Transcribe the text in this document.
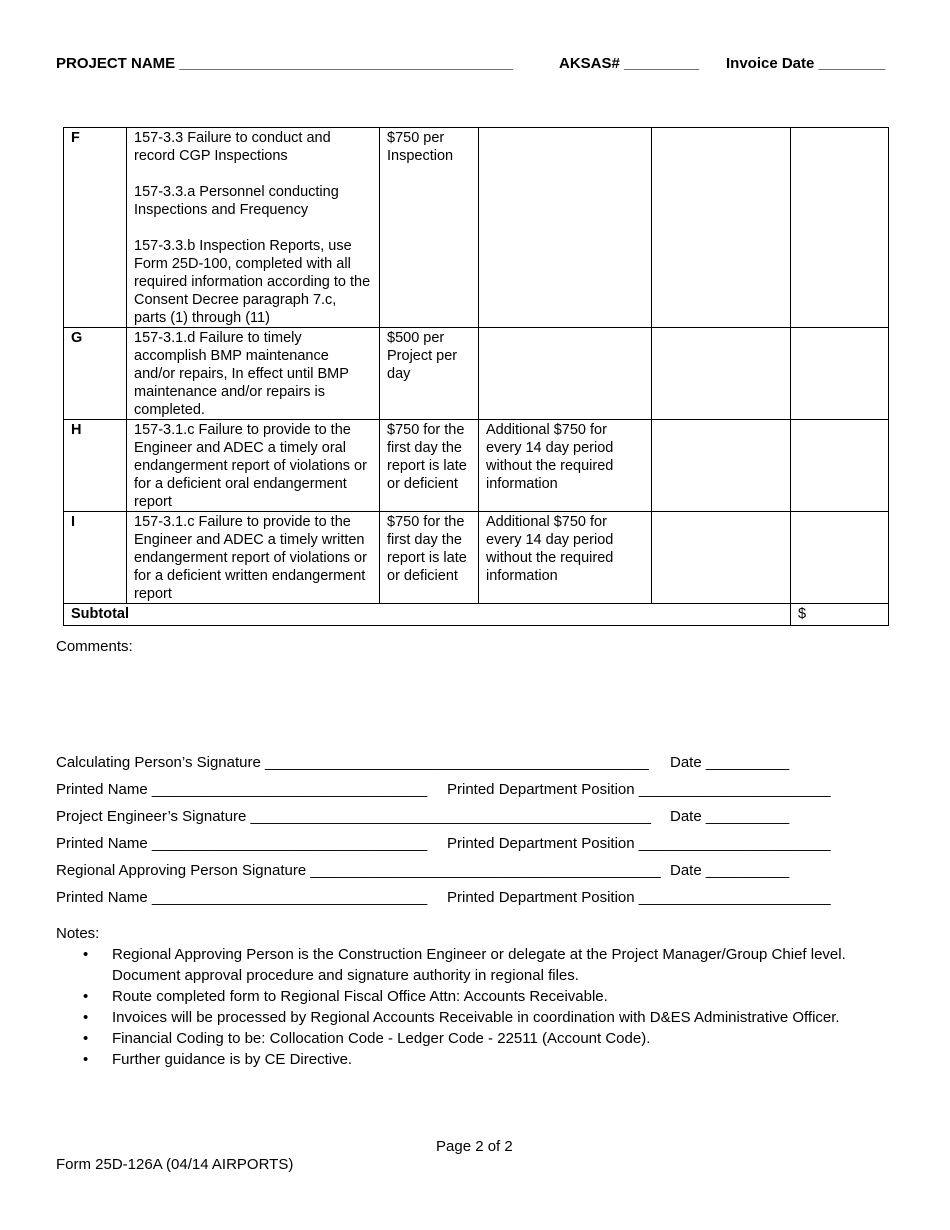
PROJECT NAME ________________________________________	AKSAS# _________ Invoice Date ________
F	157-3.3 Failure to conduct and record CGP Inspections

157-3.3.a Personnel conducting Inspections and Frequency

157-3.3.b Inspection Reports, use Form 25D-100, completed with all required information according to the Consent Decree paragraph 7.c, parts (1) through (11)	$750 per Inspection			
G	157-3.1.d Failure to timely accomplish BMP maintenance and/or repairs, In effect until BMP maintenance and/or repairs is completed.	$500 per Project per day			
H	157-3.1.c Failure to provide to the Engineer and ADEC a timely oral endangerment report of violations or for a deficient oral endangerment report	$750 for the first day the report is late or deficient	Additional $750 for every 14 day period without the required information		
I	157-3.1.c Failure to provide to the Engineer and ADEC a timely written endangerment report of violations or for a deficient written endangerment report	$750 for the first day the report is late or deficient	Additional $750 for every 14 day period without the required information		
Subtotal					$
Comments:
Calculating Person’s Signature ______________________________________________ Date __________
Printed Name _________________________________ Printed Department Position _______________________
Project Engineer’s Signature ________________________________________________ Date __________
Printed Name _________________________________ Printed Department Position _______________________
Regional Approving Person Signature __________________________________________ Date __________
Printed Name _________________________________ Printed Department Position _______________________
Notes:
• Regional Approving Person is the Construction Engineer or delegate at the Project Manager/Group Chief level. Document approval procedure and signature authority in regional files.
• Route completed form to Regional Fiscal Office Attn: Accounts Receivable.
• Invoices will be processed by Regional Accounts Receivable in coordination with D&ES Administrative Officer.
• Financial Coding to be: Collocation Code - Ledger Code - 22511 (Account Code).
• Further guidance is by CE Directive.
Page 2 of 2
Form 25D-126A (04/14 AIRPORTS)
